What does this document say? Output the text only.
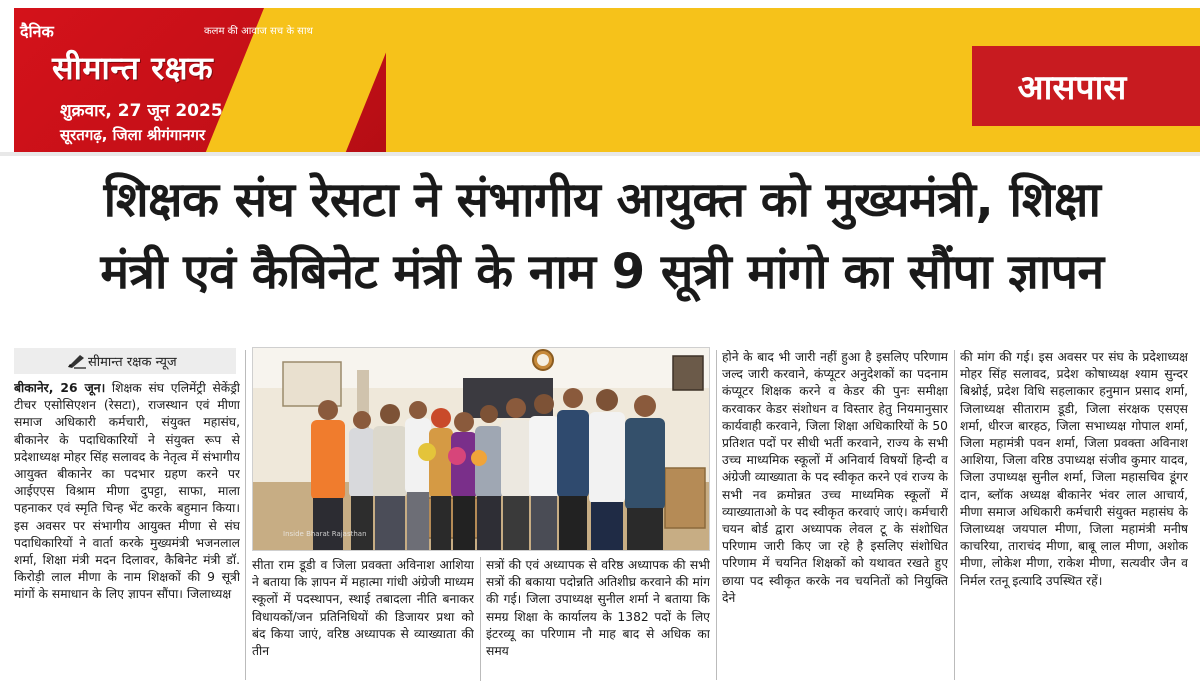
आसपास
दैनिक	कलम की आवाज सच के साथ
सीमान्त रक्षक
शुक्रवार, 27 जून 2025
सूरतगढ़, जिला श्रीगंगानगर
शिक्षक संघ रेसटा ने संभागीय आयुक्त को मुख्यमंत्री, शिक्षा
मंत्री एवं कैबिनेट मंत्री के नाम 9 सूत्री मांगो का सौंपा ज्ञापन
सीमान्त रक्षक न्यूज

बीकानेर, 26 जून। शिक्षक संघ एलिमेंट्री सेकेंड्री टीचर एसोसिएशन (रेसटा), राजस्थान एवं मीणा समाज अधिकारी कर्मचारी, संयुक्त महासंघ, बीकानेर के पदाधिकारियों ने संयुक्त रूप से प्रदेशाध्यक्ष मोहर सिंह सलावद के नेतृत्व में संभागीय आयुक्त बीकानेर का पदभार ग्रहण करने पर आईएएस विश्राम मीणा दुपट्टा, साफा, माला पहनाकर एवं स्मृति चिन्ह भेंट करके बहुमान किया। इस अवसर पर संभागीय आयुक्त मीणा से संघ पदाधिकारियों ने वार्ता करके मुख्यमंत्री भजनलाल शर्मा, शिक्षा मंत्री मदन दिलावर, कैबिनेट मंत्री डॉ. किरोड़ी लाल मीणा के नाम शिक्षकों की 9 सूत्री मांगों के समाधान के लिए ज्ञापन सौंपा। जिलाध्यक्ष

Inside Bharat Rajasthan

सीता राम डूडी व जिला प्रवक्ता अविनाश आशिया ने बताया कि ज्ञापन में महात्मा गांधी अंग्रेजी माध्यम स्कूलों में पदस्थापन, स्थाई तबादला नीति बनाकर विधायकों/जन प्रतिनिधियों की डिजायर प्रथा को बंद किया जाएं, वरिष्ठ अध्यापक से व्याख्याता की तीन

सत्रों की एवं अध्यापक से वरिष्ठ अध्यापक की सभी सत्रों की बकाया पदोन्नति अतिशीघ्र करवाने की मांग की गई। जिला उपाध्यक्ष सुनील शर्मा ने बताया कि समग्र शिक्षा के कार्यालय के 1382 पदों के लिए इंटरव्यू का परिणाम नौ माह बाद से अधिक का समय

होने के बाद भी जारी नहीं हुआ है इसलिए परिणाम जल्द जारी करवाने, कंप्यूटर अनुदेशकों का पदनाम कंप्यूटर शिक्षक करने व केडर की पुनः समीक्षा करवाकर केडर संशोधन व विस्तार हेतु नियमानुसार कार्यवाही करवाने, जिला शिक्षा अधिकारियों के 50 प्रतिशत पदों पर सीधी भर्ती करवाने, राज्य के सभी उच्च माध्यमिक स्कूलों में अनिवार्य विषयों हिन्दी व अंग्रेजी व्याख्याता के पद स्वीकृत करने एवं राज्य के सभी नव क्रमोन्नत उच्च माध्यमिक स्कूलों में व्याख्याताओ के पद स्वीकृत करवाएं जाएं। कर्मचारी चयन बोर्ड द्वारा अध्यापक लेवल टू के संशोधित परिणाम जारी किए जा रहे है इसलिए संशोधित परिणाम में चयनित शिक्षकों को यथावत रखते हुए छाया पद स्वीकृत करके नव चयनितों को नियुक्ति देने

की मांग की गई। इस अवसर पर संघ के प्रदेशाध्यक्ष मोहर सिंह सलावद, प्रदेश कोषाध्यक्ष श्याम सुन्दर बिश्नोई, प्रदेश विधि सहलाकार हनुमान प्रसाद शर्मा, जिलाध्यक्ष सीताराम डूडी, जिला संरक्षक एसएस शर्मा, धीरज बारहठ, जिला सभाध्यक्ष गोपाल शर्मा, जिला महामंत्री पवन शर्मा, जिला प्रवक्ता अविनाश आशिया, जिला वरिष्ठ उपाध्यक्ष संजीव कुमार यादव, जिला उपाध्यक्ष सुनील शर्मा, जिला महासचिव डूंगर दान, ब्लॉक अध्यक्ष बीकानेर भंवर लाल आचार्य, मीणा समाज अधिकारी कर्मचारी संयुक्त महासंघ के जिलाध्यक्ष जयपाल मीणा, जिला महामंत्री मनीष काचरिया, ताराचंद मीणा, बाबू लाल मीणा, अशोक मीणा, लोकेश मीणा, राकेश मीणा, सत्यवीर जैन व निर्मल रतनू इत्यादि उपस्थित रहें।
